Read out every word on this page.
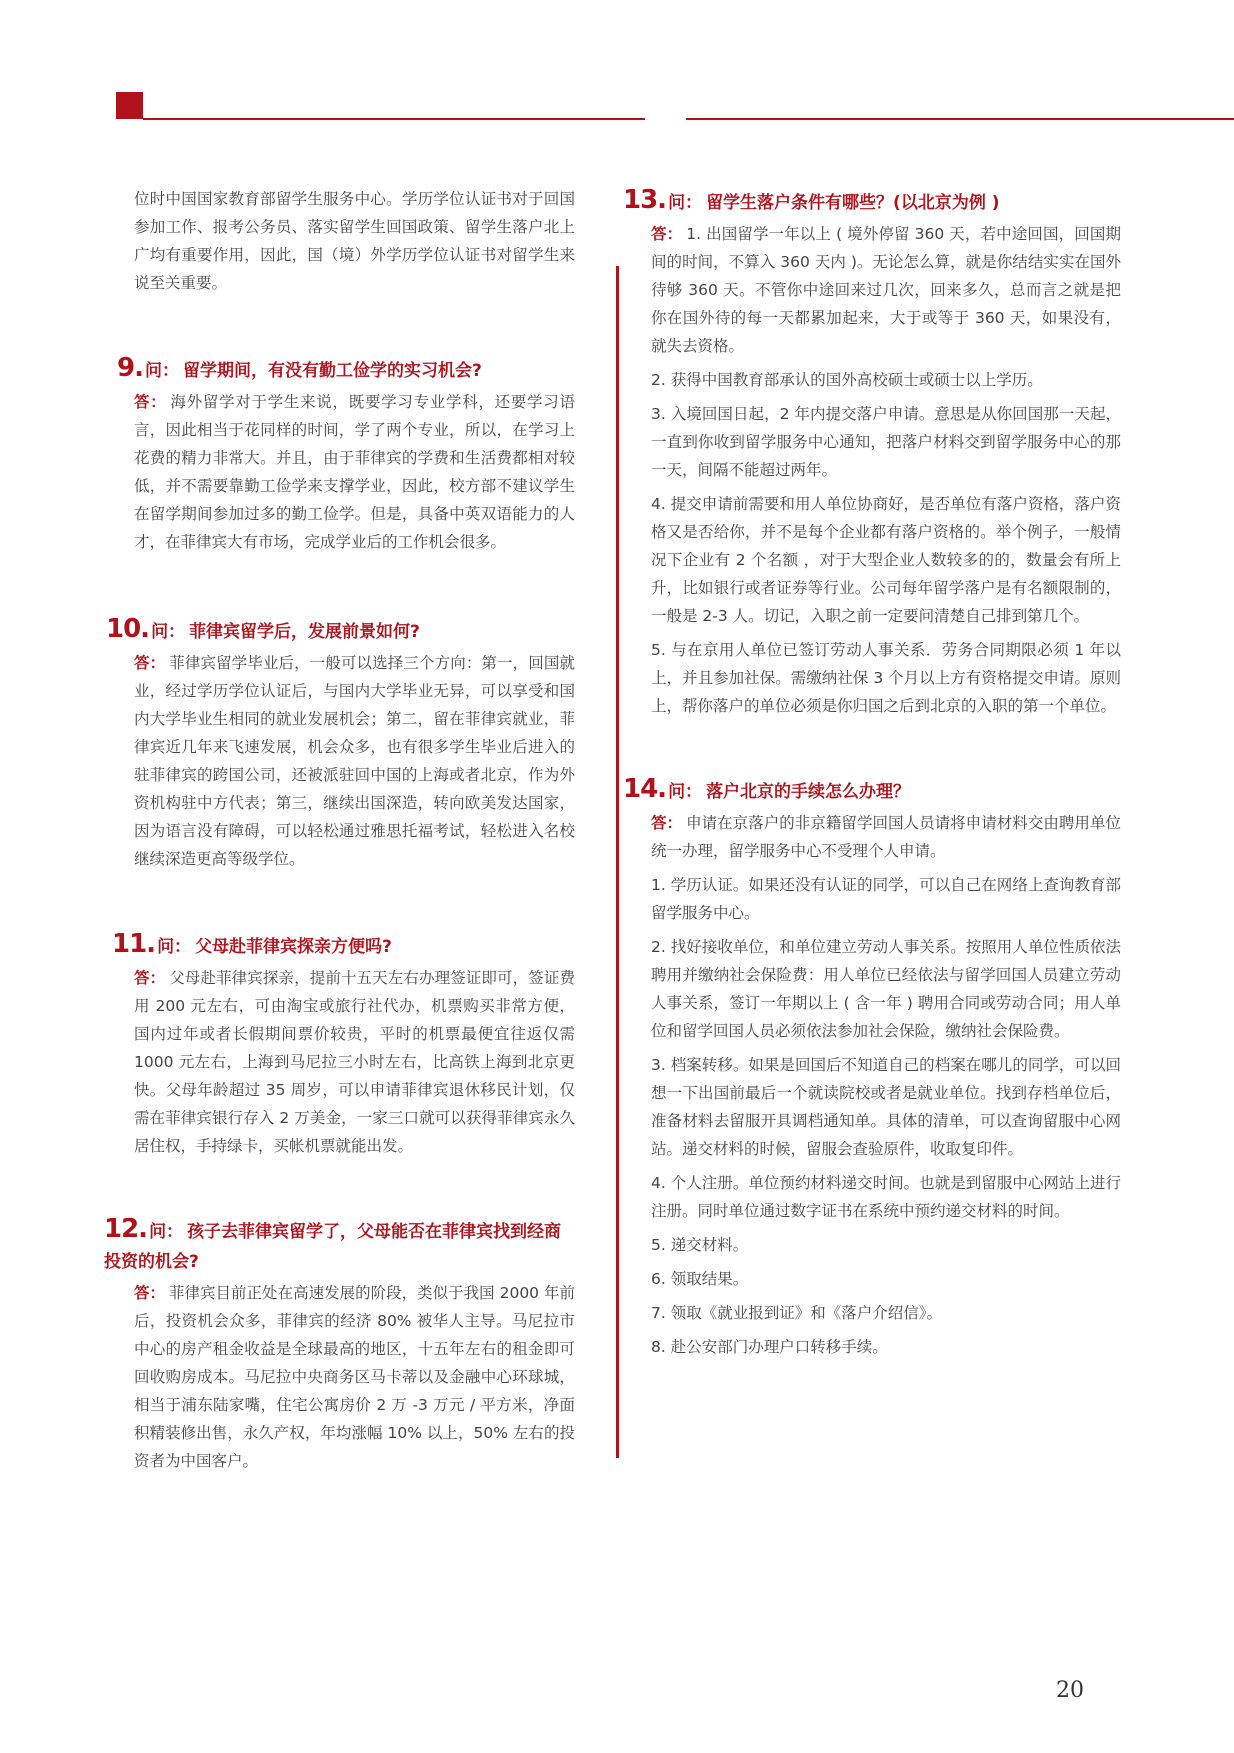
位时中国国家教育部留学生服务中心。学历学位认证书对于回国参加工作、报考公务员、落实留学生回国政策、留学生落户北上广均有重要作用，因此，国（境）外学历学位认证书对留学生来说至关重要。

9. 问： 留学期间，有没有勤工俭学的实习机会?

答： 海外留学对于学生来说，既要学习专业学科，还要学习语言，因此相当于花同样的时间，学了两个专业，所以，在学习上花费的精力非常大。并且，由于菲律宾的学费和生活费都相对较低，并不需要靠勤工俭学来支撑学业，因此，校方部不建议学生在留学期间参加过多的勤工俭学。但是，具备中英双语能力的人才，在菲律宾大有市场，完成学业后的工作机会很多。

10. 问： 菲律宾留学后，发展前景如何?

答： 菲律宾留学毕业后，一般可以选择三个方向：第一，回国就业，经过学历学位认证后，与国内大学毕业无异，可以享受和国内大学毕业生相同的就业发展机会；第二，留在菲律宾就业，菲律宾近几年来飞速发展，机会众多，也有很多学生毕业后进入的驻菲律宾的跨国公司，还被派驻回中国的上海或者北京，作为外资机构驻中方代表；第三，继续出国深造，转向欧美发达国家，因为语言没有障碍，可以轻松通过雅思托福考试，轻松进入名校继续深造更高等级学位。

11. 问： 父母赴菲律宾探亲方便吗?

答： 父母赴菲律宾探亲，提前十五天左右办理签证即可，签证费用 200 元左右，可由淘宝或旅行社代办，机票购买非常方便，国内过年或者长假期间票价较贵，平时的机票最便宜往返仅需 1000 元左右，上海到马尼拉三小时左右，比高铁上海到北京更快。父母年龄超过 35 周岁，可以申请菲律宾退休移民计划，仅需在菲律宾银行存入 2 万美金，一家三口就可以获得菲律宾永久居住权，手持绿卡，买帐机票就能出发。

12. 问： 孩子去菲律宾留学了，父母能否在菲律宾找到经商投资的机会?

答： 菲律宾目前正处在高速发展的阶段，类似于我国 2000 年前后，投资机会众多，菲律宾的经济 80% 被华人主导。马尼拉市中心的房产租金收益是全球最高的地区，十五年左右的租金即可回收购房成本。马尼拉中央商务区马卡蒂以及金融中心环球城，相当于浦东陆家嘴，住宅公寓房价 2 万 -3 万元 / 平方米，净面积精装修出售，永久产权，年均涨幅 10% 以上，50% 左右的投资者为中国客户。

13. 问： 留学生落户条件有哪些？(以北京为例 )

答： 1. 出国留学一年以上 ( 境外停留 360 天，若中途回国，回国期间的时间，不算入 360 天内 )。无论怎么算，就是你结结实实在国外待够 360 天。不管你中途回来过几次，回来多久，总而言之就是把你在国外待的每一天都累加起来，大于或等于 360 天，如果没有，就失去资格。

2. 获得中国教育部承认的国外高校硕士或硕士以上学历。

3. 入境回国日起，2 年内提交落户申请。意思是从你回国那一天起，一直到你收到留学服务中心通知，把落户材料交到留学服务中心的那一天，间隔不能超过两年。

4. 提交申请前需要和用人单位协商好，是否单位有落户资格，落户资格又是否给你，并不是每个企业都有落户资格的。举个例子，一般情况下企业有 2 个名额 ，对于大型企业人数较多的的，数量会有所上升，比如银行或者证券等行业。公司每年留学落户是有名额限制的，一般是 2-3 人。切记，入职之前一定要问清楚自己排到第几个。

5. 与在京用人单位已签订劳动人事关系．劳务合同期限必须 1 年以上，并且参加社保。需缴纳社保 3 个月以上方有资格提交申请。原则上，帮你落户的单位必须是你归国之后到北京的入职的第一个单位。

14. 问： 落户北京的手续怎么办理？

答： 申请在京落户的非京籍留学回国人员请将申请材料交由聘用单位统一办理，留学服务中心不受理个人申请。

1. 学历认证。如果还没有认证的同学，可以自己在网络上查询教育部留学服务中心。

2. 找好接收单位，和单位建立劳动人事关系。按照用人单位性质依法聘用并缴纳社会保险费：用人单位已经依法与留学回国人员建立劳动人事关系，签订一年期以上 ( 含一年 ) 聘用合同或劳动合同；用人单位和留学回国人员必须依法参加社会保险，缴纳社会保险费。

3. 档案转移。如果是回国后不知道自己的档案在哪儿的同学，可以回想一下出国前最后一个就读院校或者是就业单位。找到存档单位后，准备材料去留服开具调档通知单。具体的清单，可以查询留服中心网站。递交材料的时候，留服会查验原件，收取复印件。

4. 个人注册。单位预约材料递交时间。也就是到留服中心网站上进行注册。同时单位通过数字证书在系统中预约递交材料的时间。

5. 递交材料。

6. 领取结果。

7. 领取《就业报到证》和《落户介绍信》。

8. 赴公安部门办理户口转移手续。

20
